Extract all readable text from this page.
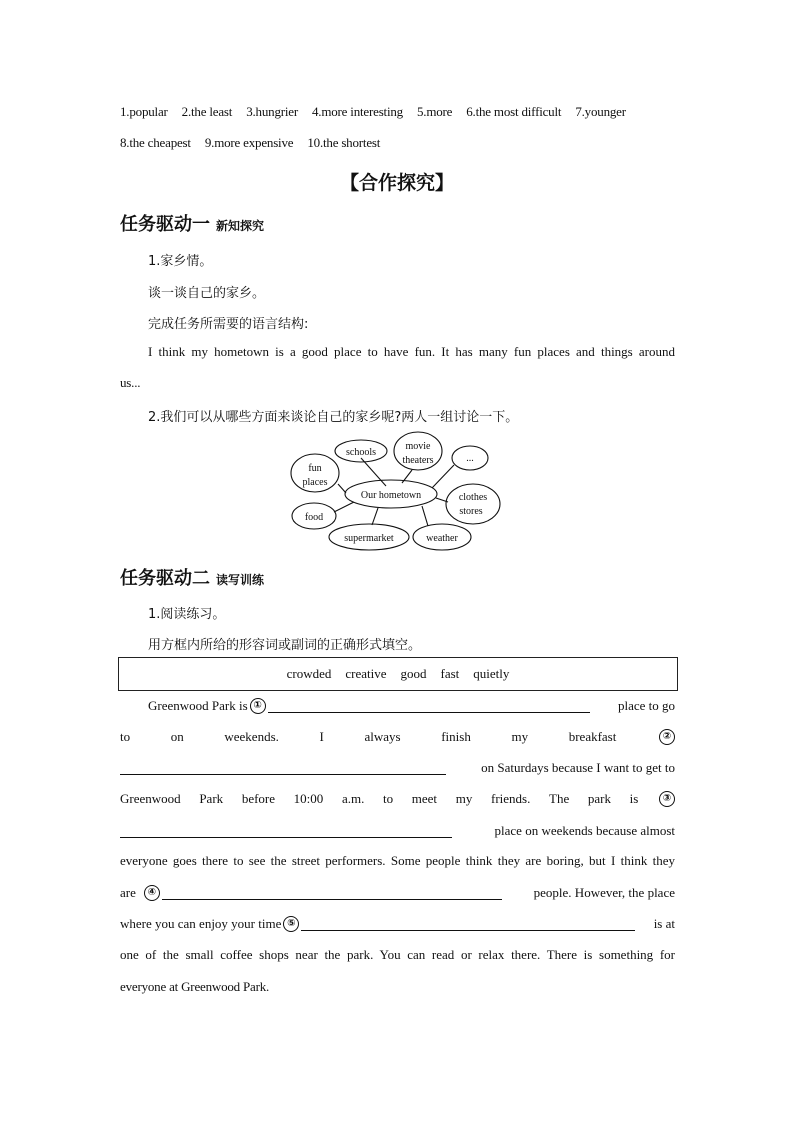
1.popular 2.the least 3.hungrier 4.more interesting 5.more 6.the most difficult 7.younger
8.the cheapest 9.more expensive 10.the shortest
【合作探究】
任务驱动一 新知探究
1.家乡情。
谈一谈自己的家乡。
完成任务所需要的语言结构:
I think my hometown is a good place to have fun. It has many fun places and things around
us...
2.我们可以从哪些方面来谈论自己的家乡呢?两人一组讨论一下。
Our hometown
schools
movie
theaters	...
fun
places
clothes
stores
food
supermarket	weather
任务驱动二 读写训练
1.阅读练习。
用方框内所给的形容词或副词的正确形式填空。
crowded creative good fast quietly
Greenwood Park is ①	place to go
to	on	weekends.	I	always	finish	my	breakfast	②
on Saturdays because I want to get to
Greenwood Park before 10:00 a.m. to meet my friends. The park is	③
place on weekends because almost
everyone goes there to see the street performers. Some people think they are boring, but I think they
are	④	people. However, the place
where you can enjoy your time ⑤	is at
one of the small coffee shops near the park. You can read or relax there. There is something for
everyone at Greenwood Park.
